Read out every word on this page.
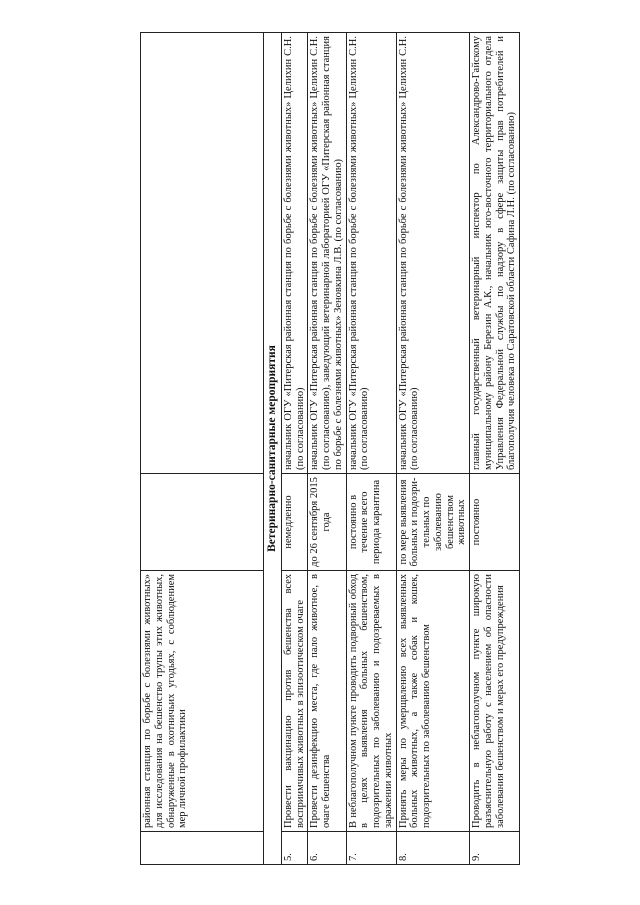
	районная станция по борьбе с болезнями животных» для исследования на бешенство трупы этих животных, обнаруженные в охотничьих угодьях, с соблюдением мер личной профилактики		
Ветеринарно-санитарные мероприятия			
5.	Провести вакцинацию против бешенства всех восприимчивых животных в эпизоотическом очаге	немедленно	начальник ОГУ «Питерская районная станция по борьбе с болезнями животных» Целихин С.Н. (по согласованию)
6.	Провести дезинфекцию места, где пало животное, в очаге бешенства	до 26 сентября 2015 года	начальник ОГУ «Питерская районная станция по борьбе с болезнями животных» Целихин С.Н. (по согласованию), заведующий ветеринарной лабораторией ОГУ «Питерская районная станция по борьбе с болезнями животных» Зеновкина Л.В. (по согласованию)
7.	В неблагополучном пункте проводить подворный обход в целях выявления больных бешенством, подозрительных по заболеванию и подозреваемых в заражении животных	постоянно в течение всего периода карантина	начальник ОГУ «Питерская районная станция по борьбе с болезнями животных» Целихин С.Н. (по согласованию)
8.	Принять меры по умерщвлению всех выявленных больных животных, а также собак и кошек, подозрительных по заболеванию бешенством	по мере выявления больных и подозри-тельных по заболеванию бешенством животных	начальник ОГУ «Питерская районная станция по борьбе с болезнями животных» Целихин С.Н. (по согласованию)
9.	Проводить в неблагополучном пункте широкую разъяснительную работу с населением об опасности заболевания бешенством и мерах его предупреждения	постоянно	главный государственный ветеринарный инспектор по Александрово-Гайскому муниципальному району Березин А.К., начальник юго-восточного территориального отдела Управления Федеральной службы по надзору в сфере защиты прав потребителей и благополучия человека по Саратовской области Сафина Л.Н. (по согласованию)
